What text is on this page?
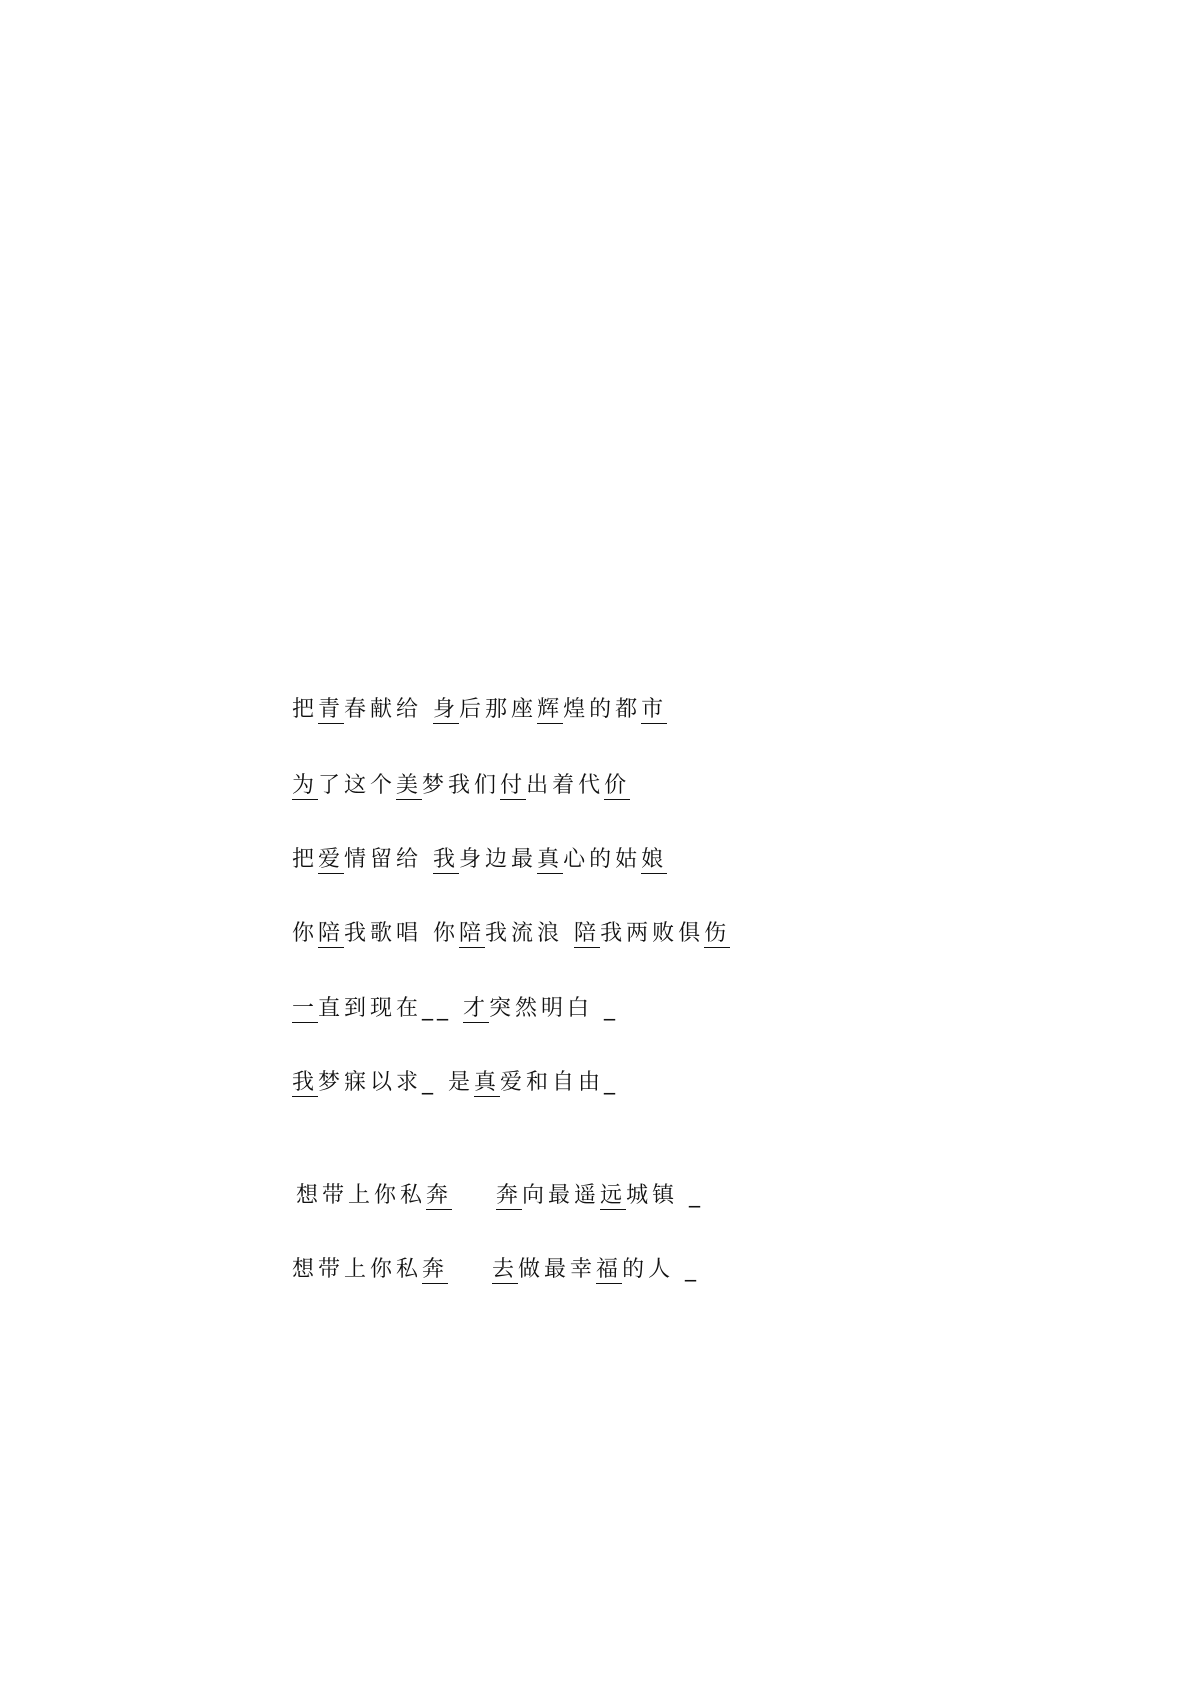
把青春献给 身后那座辉煌的都市
为了这个美梦我们付出着代价
把爱情留给 我身边最真心的姑娘
你陪我歌唱 你陪我流浪 陪我两败俱伤
一直到现在__ 才突然明白 _
我梦寐以求_ 是真爱和自由_
想带上你私奔 奔向最遥远城镇 _
想带上你私奔 去做最幸福的人 _
